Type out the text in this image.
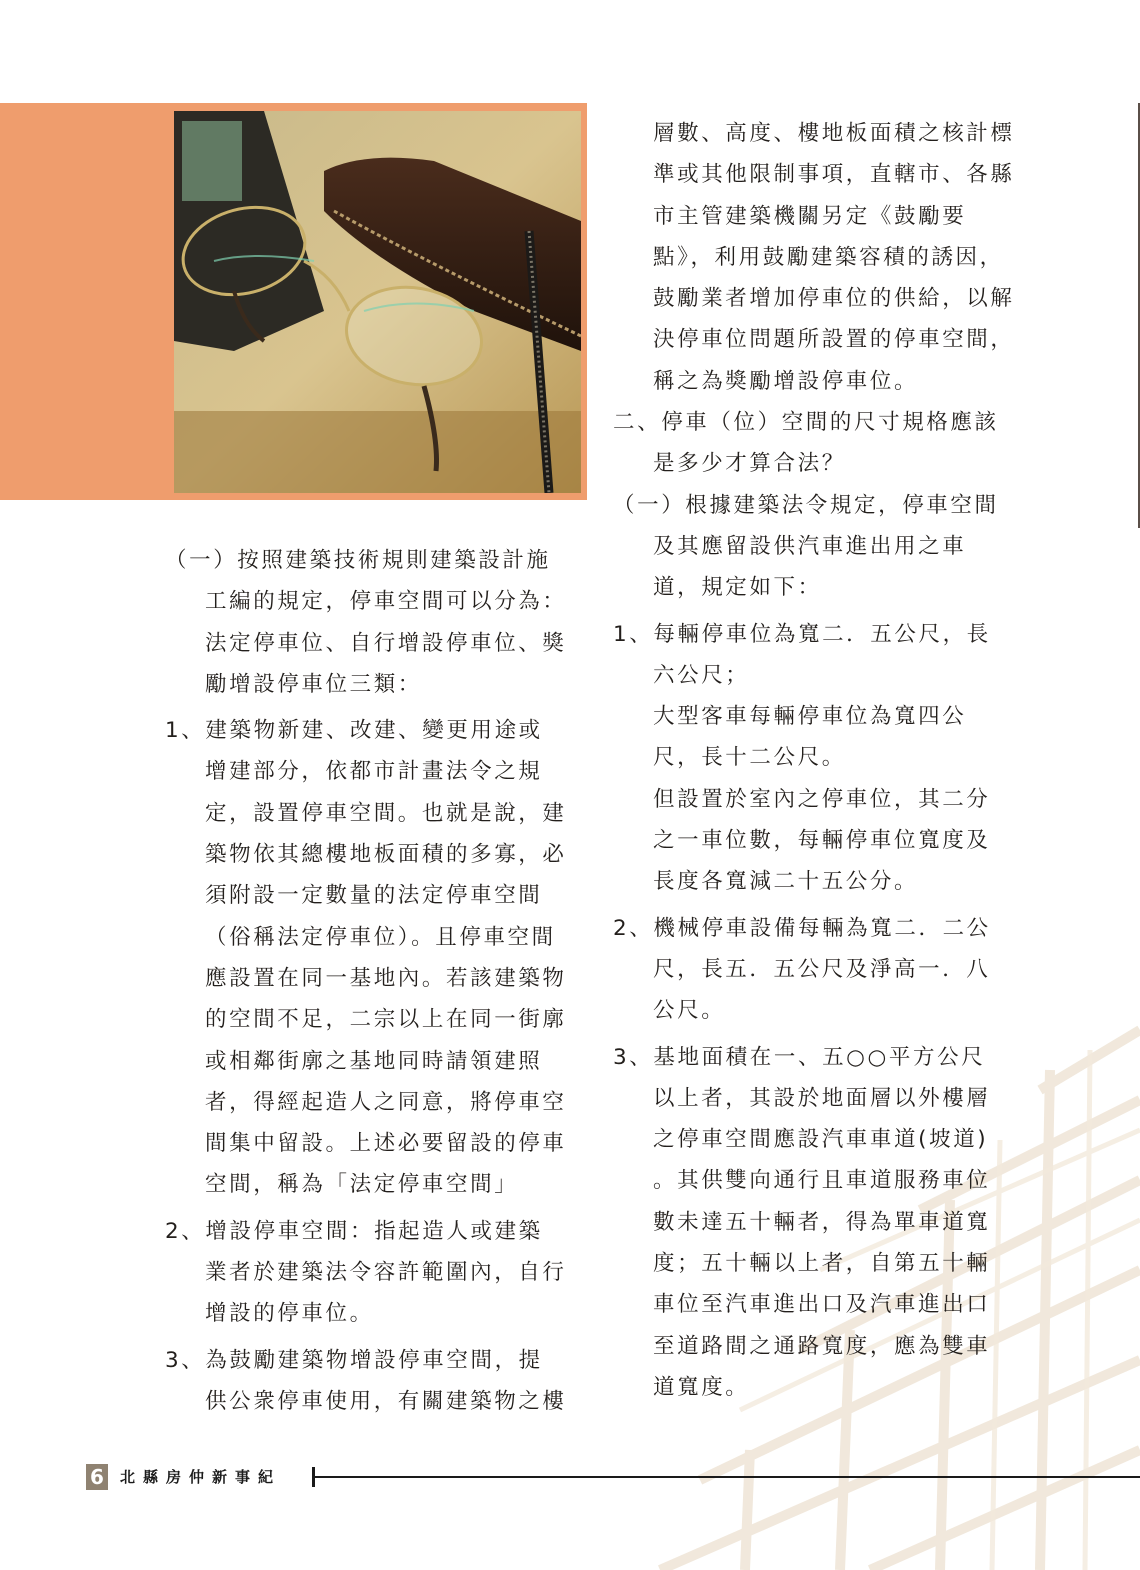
（一）按照建築技術規則建築設計施
工編的規定，停車空間可以分為：
法定停車位、自行增設停車位、獎
勵增設停車位三類：
1、建築物新建、改建、變更用途或
增建部分，依都市計畫法令之規
定，設置停車空間。也就是說，建
築物依其總樓地板面積的多寡，必
須附設一定數量的法定停車空間
（俗稱法定停車位）。且停車空間
應設置在同一基地內。若該建築物
的空間不足，二宗以上在同一街廓
或相鄰街廓之基地同時請領建照
者，得經起造人之同意，將停車空
間集中留設。上述必要留設的停車
空間，稱為「法定停車空間」
2、增設停車空間：指起造人或建築
業者於建築法令容許範圍內，自行
增設的停車位。
3、為鼓勵建築物增設停車空間，提
供公衆停車使用，有關建築物之樓
層數、高度、樓地板面積之核計標
準或其他限制事項，直轄市、各縣
市主管建築機關另定《鼓勵要
點》，利用鼓勵建築容積的誘因，
鼓勵業者增加停車位的供給，以解
決停車位問題所設置的停車空間，
稱之為獎勵增設停車位。
二、停車（位）空間的尺寸規格應該
是多少才算合法？
（一）根據建築法令規定，停車空間
及其應留設供汽車進出用之車
道，規定如下：
1、每輛停車位為寬二．五公尺，長
六公尺；
大型客車每輛停車位為寬四公
尺，長十二公尺。
但設置於室內之停車位，其二分
之一車位數，每輛停車位寬度及
長度各寬減二十五公分。
2、機械停車設備每輛為寬二．二公
尺，長五．五公尺及淨高一．八
公尺。
3、基地面積在一、五○○平方公尺
以上者，其設於地面層以外樓層
之停車空間應設汽車車道(坡道)
。其供雙向通行且車道服務車位
數未達五十輛者，得為單車道寬
度；五十輛以上者，自第五十輛
車位至汽車進出口及汽車進出口
至道路間之通路寬度，應為雙車
道寬度。
6 北縣房仲新事紀
